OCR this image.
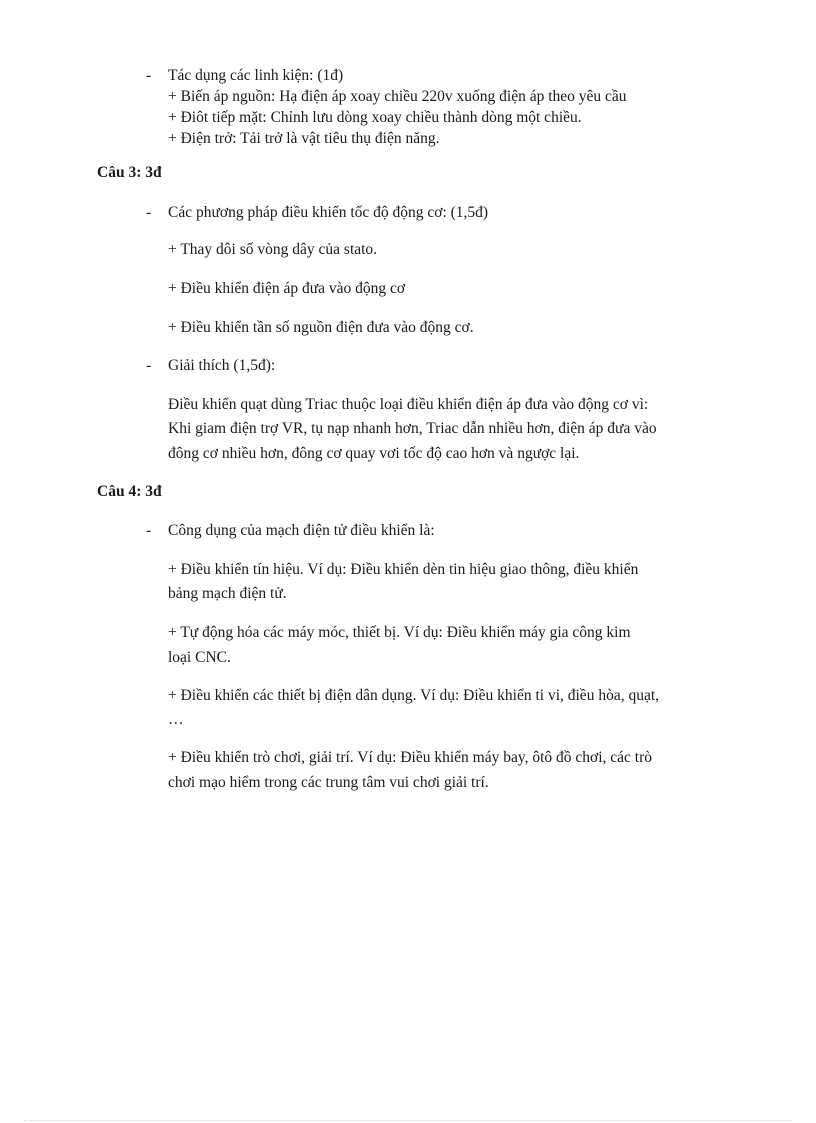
- Tác dụng các linh kiện: (1đ)
+ Biến áp nguồn: Hạ điện áp xoay chiều 220v xuống điện áp theo yêu cầu
+ Điôt tiếp mặt: Chỉnh lưu dòng xoay chiều thành dòng một chiều.
+ Điện trở: Tải trở là vật tiêu thụ điện năng.
Câu 3: 3đ
- Các phương pháp điều khiển tốc độ động cơ: (1,5đ)
+ Thay dôi số vòng dây của stato.
+ Điều khiển điện áp đưa vào động cơ
+ Điều khiển tần số nguồn điện đưa vào động cơ.
- Giải thích (1,5đ):
Điều khiển quạt dùng Triac thuộc loại điều khiển điện áp đưa vào động cơ vì:
Khi giam điện trợ VR, tụ nạp nhanh hơn, Triac dẫn nhiều hơn, điện áp đưa vào
đông cơ nhiều hơn, đông cơ quay vơi tốc độ cao hơn và ngược lại.
Câu 4: 3đ
- Công dụng của mạch điện tử điều khiển là:
+ Điều khiển tín hiệu. Ví dụ: Điều khiển dèn tin hiệu giao thông, điều khiển
bảng mạch điện tử.
+ Tự động hóa các máy móc, thiết bị. Ví dụ: Điều khiển máy gia công kim
loại CNC.
+ Điều khiển các thiết bị điện dân dụng. Ví dụ: Điều khiển ti vi, điều hòa, quạt,
…
+ Điều khiển trò chơi, giải trí. Ví dụ: Điều khiển máy bay, ôtô đồ chơi, các trò
chơi mạo hiểm trong các trung tâm vui chơi giải trí.
